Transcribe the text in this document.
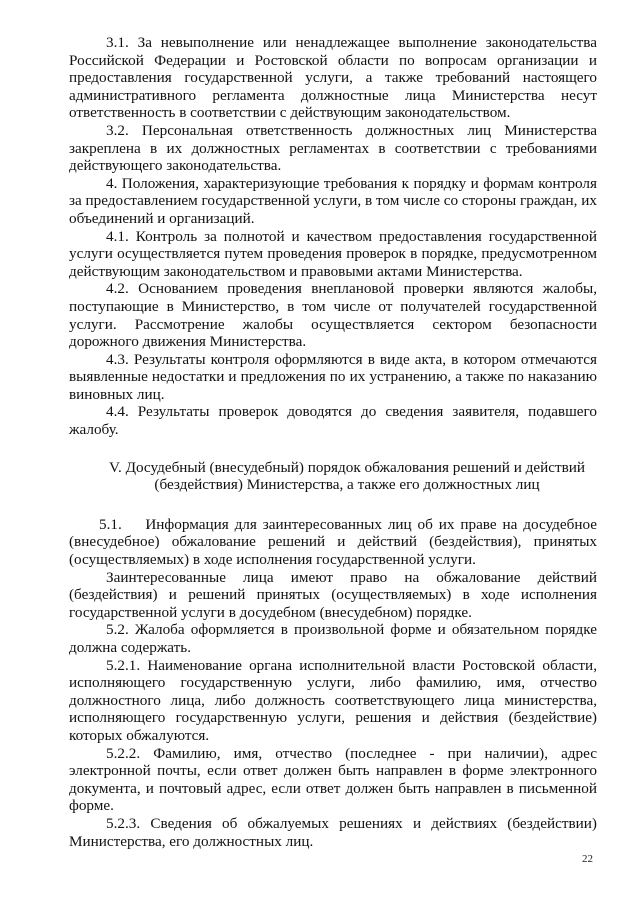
3.1. За невыполнение или ненадлежащее выполнение законодательства Российской Федерации и Ростовской области по вопросам организации и предоставления государственной услуги, а также требований настоящего административного регламента должностные лица Министерства несут ответственность в соответствии с действующим законодательством.

3.2. Персональная ответственность должностных лиц Министерства закреплена в их должностных регламентах в соответствии с требованиями действующего законодательства.

4. Положения, характеризующие требования к порядку и формам контроля за предоставлением государственной услуги, в том числе со стороны граждан, их объединений и организаций.

4.1. Контроль за полнотой и качеством предоставления государственной услуги осуществляется путем проведения проверок в порядке, предусмотренном действующим законодательством и правовыми актами Министерства.

4.2. Основанием проведения внеплановой проверки являются жалобы, поступающие в Министерство, в том числе от получателей государственной услуги. Рассмотрение жалобы осуществляется сектором безопасности дорожного движения Министерства.

4.3. Результаты контроля оформляются в виде акта, в котором отмечаются выявленные недостатки и предложения по их устранению, а также по наказанию виновных лиц.

4.4. Результаты проверок доводятся до сведения заявителя, подавшего жалобу.

V. Досудебный (внесудебный) порядок обжалования решений и действий (бездействия) Министерства, а также его должностных лиц

5.1.    Информация для заинтересованных лиц об их праве на досудебное (внесудебное) обжалование решений и действий (бездействия), принятых (осуществляемых) в ходе исполнения государственной услуги.

Заинтересованные лица имеют право на обжалование действий (бездействия) и решений принятых (осуществляемых) в ходе исполнения государственной услуги в досудебном (внесудебном) порядке.

5.2. Жалоба оформляется в произвольной форме и обязательном порядке должна содержать.

5.2.1. Наименование органа исполнительной власти Ростовской области, исполняющего государственную услуги, либо фамилию, имя, отчество должностного лица, либо должность соответствующего лица министерства, исполняющего государственную услуги, решения и действия (бездействие) которых обжалуются.

5.2.2. Фамилию, имя, отчество (последнее - при наличии), адрес электронной почты, если ответ должен быть направлен в форме электронного документа, и почтовый адрес, если ответ должен быть направлен в письменной форме.

5.2.3. Сведения об обжалуемых решениях и действиях (бездействии) Министерства, его должностных лиц.

22
